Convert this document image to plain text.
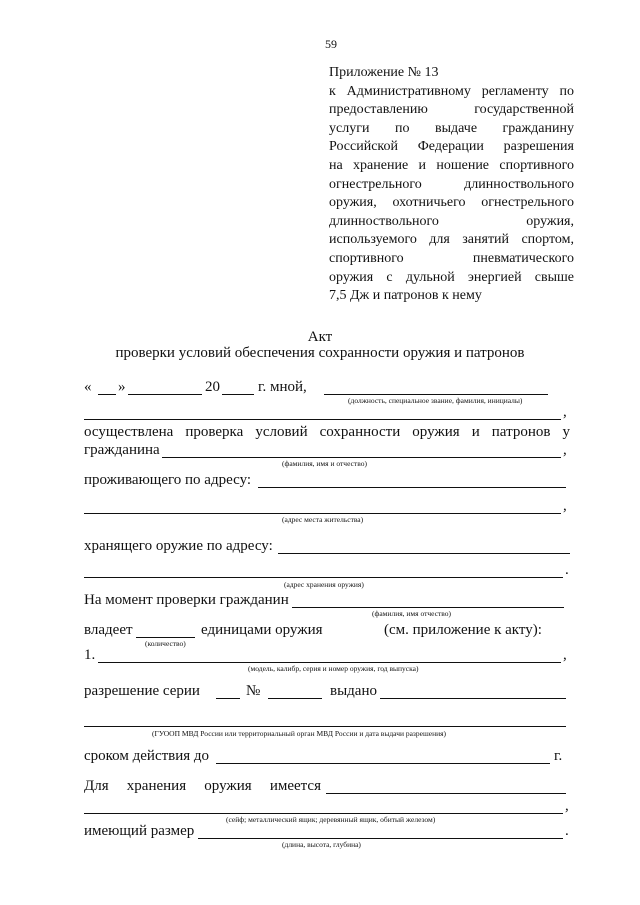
59
Приложение № 13
к Административному регламенту по
предоставлению государственной
услуги по выдаче гражданину
Российской Федерации разрешения
на хранение и ношение спортивного
огнестрельного длинноствольного
оружия, охотничьего огнестрельного
длинноствольного оружия,
используемого для занятий спортом,
спортивного пневматического
оружия с дульной энергией свыше
7,5 Дж и патронов к нему
Акт
проверки условий обеспечения сохранности оружия и патронов
« »	20	г. мной,
(должность, специальное звание, фамилия, инициалы)
,
осуществлена проверка условий сохранности оружия и патронов у
гражданина	,
(фамилия, имя и отчество)
проживающего по адресу:
,
(адрес места жительства)
хранящего оружие по адресу:
.
(адрес хранения оружия)
На момент проверки гражданин
(фамилия, имя отчество)
владеет	единицами оружия	(см. приложение к акту):
(количество)
1.	,
(модель, калибр, серия и номер оружия, год выпуска)
разрешение серии	№	выдано
(ГУООП МВД России или территориальный орган МВД России и дата выдачи разрешения)
сроком действия до	г.
Для хранения оружия имеется
,
(сейф; металлический ящик; деревянный ящик, обитый железом)
имеющий размер	.
(длина, высота, глубина)
